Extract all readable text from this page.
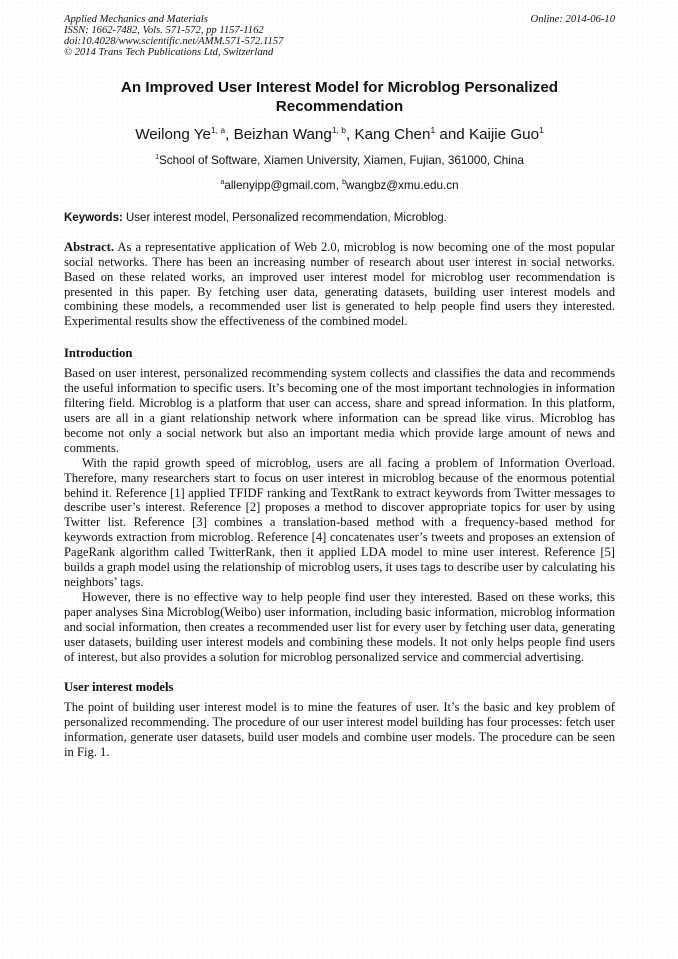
Applied Mechanics and Materials
ISSN: 1662-7482, Vols. 571-572, pp 1157-1162
doi:10.4028/www.scientific.net/AMM.571-572.1157
© 2014 Trans Tech Publications Ltd, Switzerland
Online: 2014-06-10
An Improved User Interest Model for Microblog Personalized Recommendation
Weilong Ye$^{1, a}$, Beizhan Wang$^{1, b}$, Kang Chen$^1$ and Kaijie Guo$^1$
$^1$School of Software, Xiamen University, Xiamen, Fujian, 361000, China
$^a$allenyipp@gmail.com, $^b$wangbz@xmu.edu.cn
Keywords: User interest model, Personalized recommendation, Microblog.
Abstract. As a representative application of Web 2.0, microblog is now becoming one of the most popular social networks. There has been an increasing number of research about user interest in social networks. Based on these related works, an improved user interest model for microblog user recommendation is presented in this paper. By fetching user data, generating datasets, building user interest models and combining these models, a recommended user list is generated to help people find users they interested. Experimental results show the effectiveness of the combined model.
Introduction
Based on user interest, personalized recommending system collects and classifies the data and recommends the useful information to specific users. It’s becoming one of the most important technologies in information filtering field. Microblog is a platform that user can access, share and spread information. In this platform, users are all in a giant relationship network where information can be spread like virus. Microblog has become not only a social network but also an important media which provide large amount of news and comments.
With the rapid growth speed of microblog, users are all facing a problem of Information Overload. Therefore, many researchers start to focus on user interest in microblog because of the enormous potential behind it. Reference [1] applied TFIDF ranking and TextRank to extract keywords from Twitter messages to describe user’s interest. Reference [2] proposes a method to discover appropriate topics for user by using Twitter list. Reference [3] combines a translation-based method with a frequency-based method for keywords extraction from microblog. Reference [4] concatenates user’s tweets and proposes an extension of PageRank algorithm called TwitterRank, then it applied LDA model to mine user interest. Reference [5] builds a graph model using the relationship of microblog users, it uses tags to describe user by calculating his neighbors’ tags.
However, there is no effective way to help people find user they interested. Based on these works, this paper analyses Sina Microblog(Weibo) user information, including basic information, microblog information and social information, then creates a recommended user list for every user by fetching user data, generating user datasets, building user interest models and combining these models. It not only helps people find users of interest, but also provides a solution for microblog personalized service and commercial advertising.
User interest models
The point of building user interest model is to mine the features of user. It’s the basic and key problem of personalized recommending. The procedure of our user interest model building has four processes: fetch user information, generate user datasets, build user models and combine user models. The procedure can be seen in Fig. 1.
